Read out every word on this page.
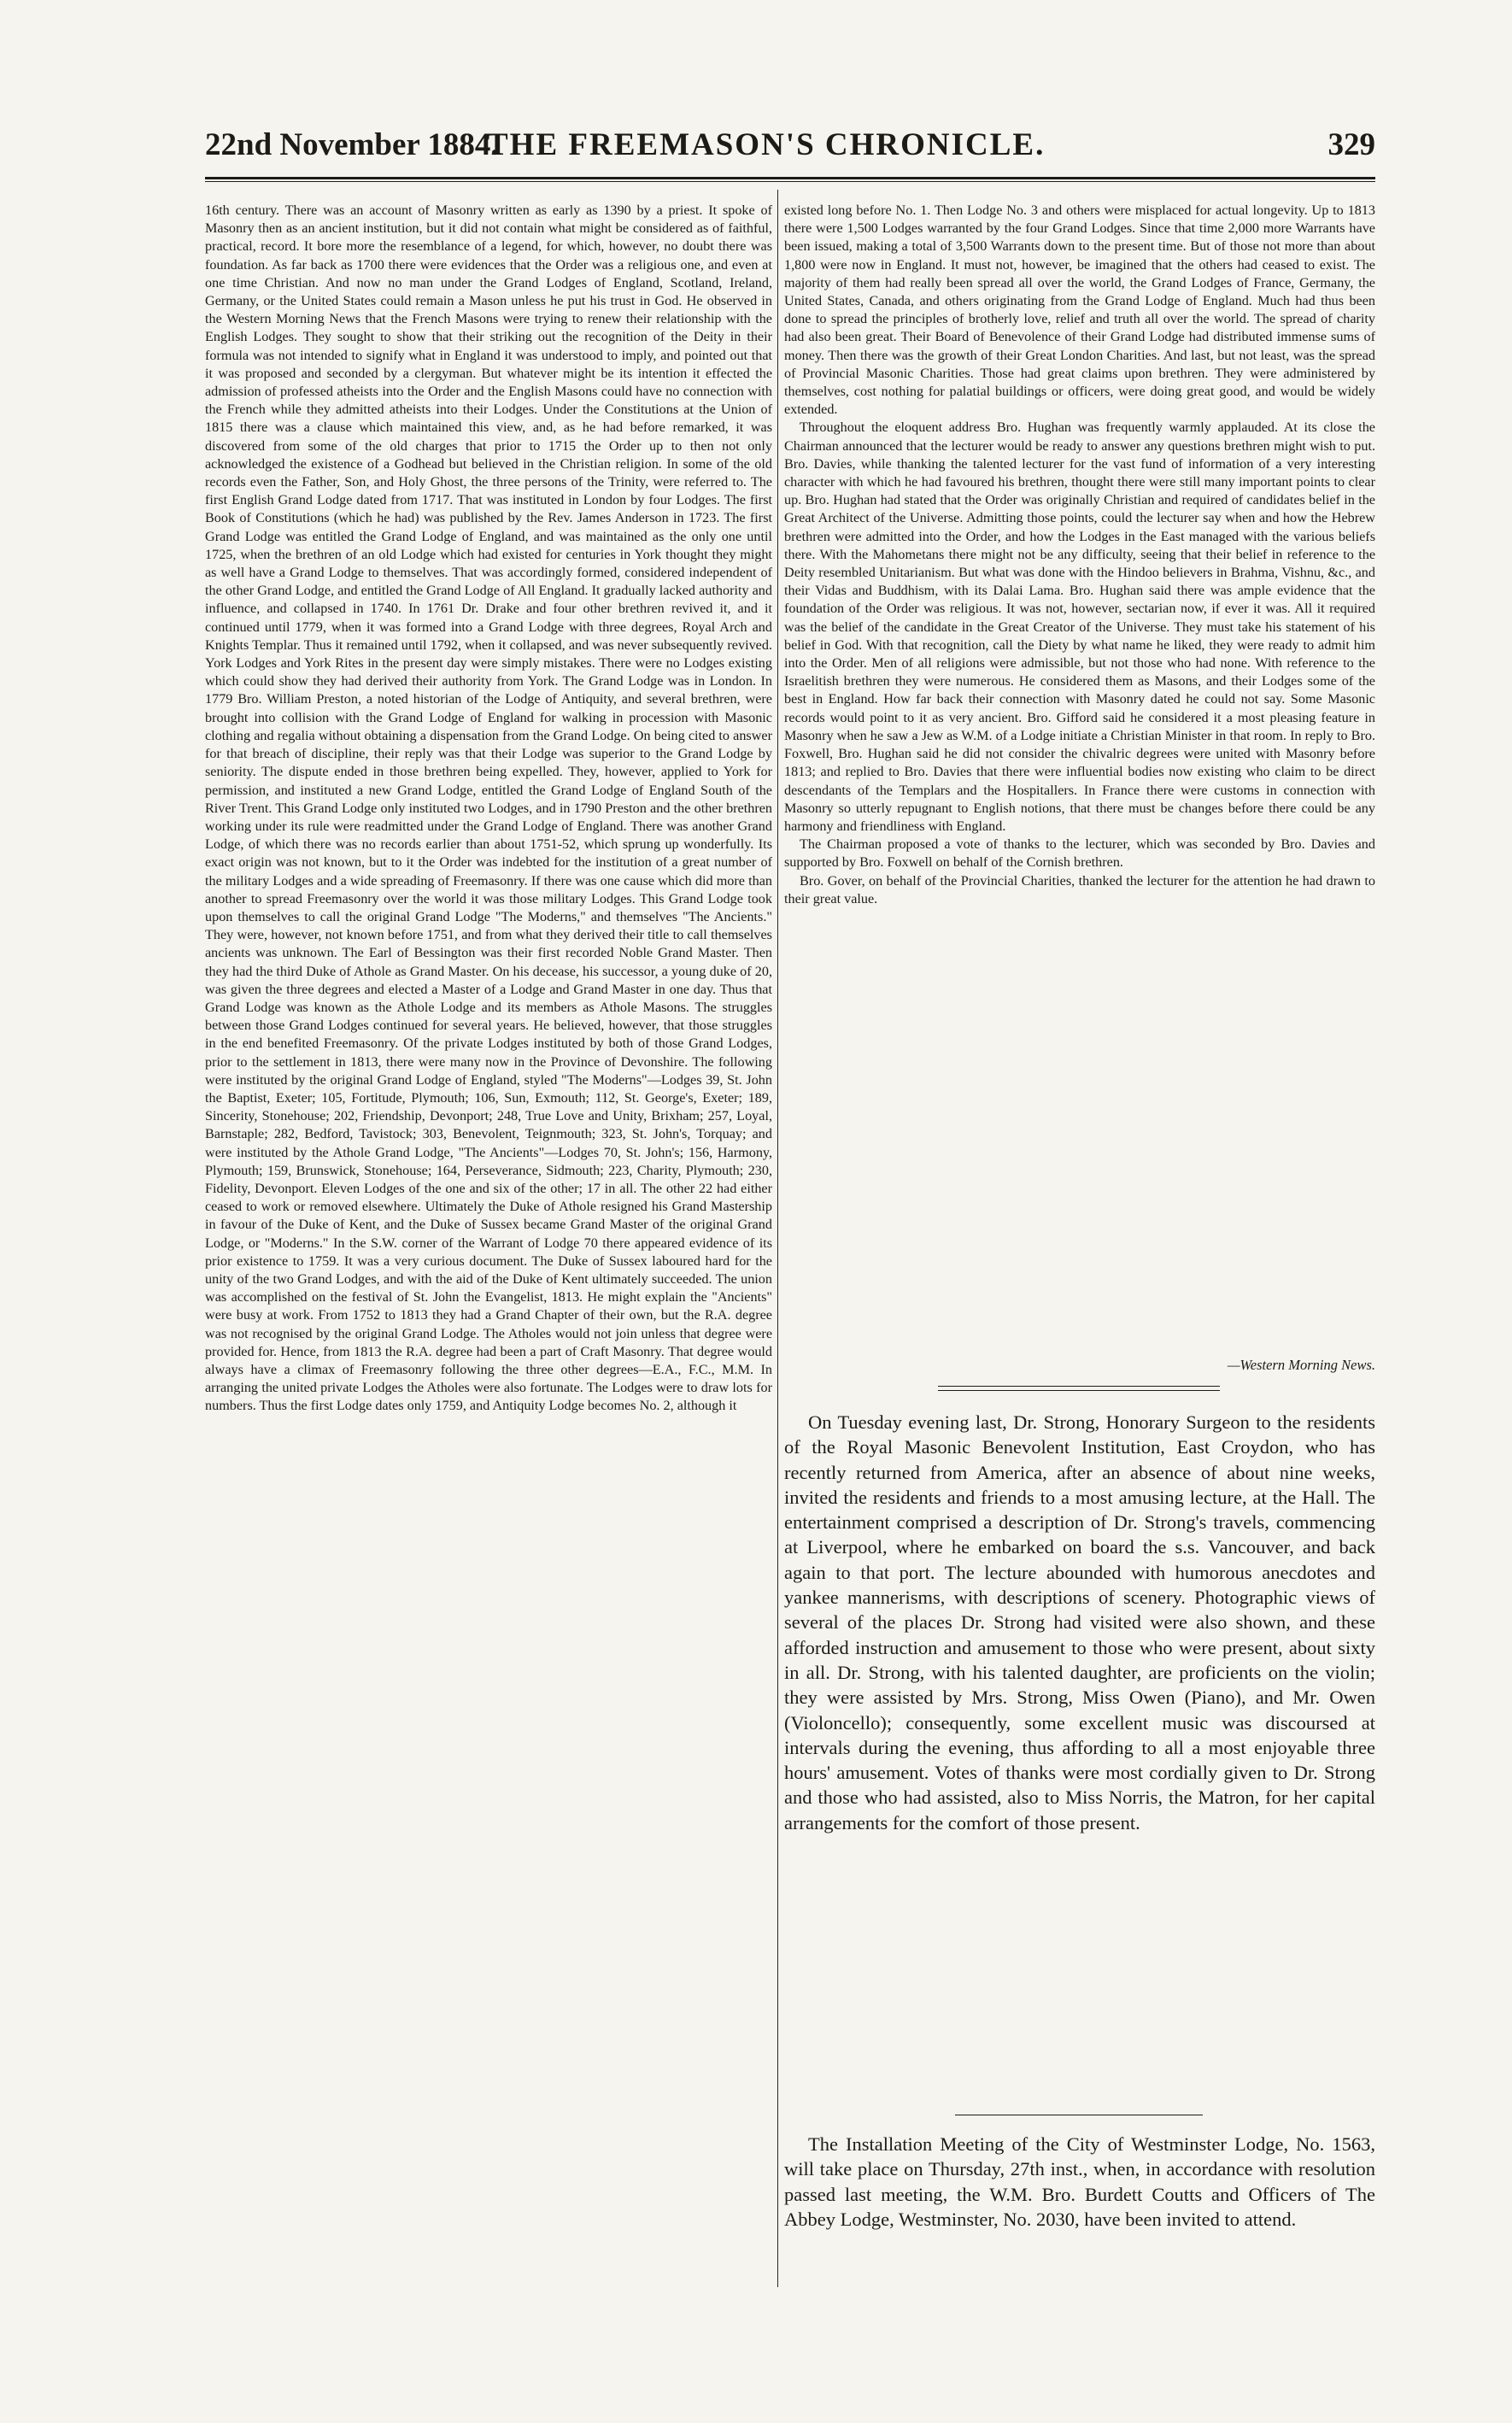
22nd November 1884.
THE FREEMASON'S CHRONICLE.	329

16th century. There was an account of Masonry written as early as 1390 by a priest. It spoke of Masonry then as an ancient institution, but it did not contain what might be considered as of faithful, practical, record. It bore more the resemblance of a legend, for which, however, no doubt there was foundation. As far back as 1700 there were evidences that the Order was a religious one, and even at one time Christian. And now no man under the Grand Lodges of England, Scotland, Ireland, Germany, or the United States could remain a Mason unless he put his trust in God. He observed in the Western Morning News that the French Masons were trying to renew their relationship with the English Lodges. They sought to show that their striking out the recognition of the Deity in their formula was not intended to signify what in England it was understood to imply, and pointed out that it was proposed and seconded by a clergyman. But whatever might be its intention it effected the admission of professed atheists into the Order and the English Masons could have no connection with the French while they admitted atheists into their Lodges. Under the Constitutions at the Union of 1815 there was a clause which maintained this view, and, as he had before remarked, it was discovered from some of the old charges that prior to 1715 the Order up to then not only acknowledged the existence of a Godhead but believed in the Christian religion. In some of the old records even the Father, Son, and Holy Ghost, the three persons of the Trinity, were referred to. The first English Grand Lodge dated from 1717. That was instituted in London by four Lodges. The first Book of Constitutions (which he had) was published by the Rev. James Anderson in 1723. The first Grand Lodge was entitled the Grand Lodge of England, and was maintained as the only one until 1725, when the brethren of an old Lodge which had existed for centuries in York thought they might as well have a Grand Lodge to themselves. That was accordingly formed, considered independent of the other Grand Lodge, and entitled the Grand Lodge of All England. It gradually lacked authority and influence, and collapsed in 1740. In 1761 Dr. Drake and four other brethren revived it, and it continued until 1779, when it was formed into a Grand Lodge with three degrees, Royal Arch and Knights Templar. Thus it remained until 1792, when it collapsed, and was never subsequently revived. York Lodges and York Rites in the present day were simply mistakes. There were no Lodges existing which could show they had derived their authority from York. The Grand Lodge was in London. In 1779 Bro. William Preston, a noted historian of the Lodge of Antiquity, and several brethren, were brought into collision with the Grand Lodge of England for walking in procession with Masonic clothing and regalia without obtaining a dispensation from the Grand Lodge. On being cited to answer for that breach of discipline, their reply was that their Lodge was superior to the Grand Lodge by seniority. The dispute ended in those brethren being expelled. They, however, applied to York for permission, and instituted a new Grand Lodge, entitled the Grand Lodge of England South of the River Trent. This Grand Lodge only instituted two Lodges, and in 1790 Preston and the other brethren working under its rule were readmitted under the Grand Lodge of England. There was another Grand Lodge, of which there was no records earlier than about 1751-52, which sprung up wonderfully. Its exact origin was not known, but to it the Order was indebted for the institution of a great number of the military Lodges and a wide spreading of Freemasonry. If there was one cause which did more than another to spread Freemasonry over the world it was those military Lodges. This Grand Lodge took upon themselves to call the original Grand Lodge "The Moderns," and themselves "The Ancients." They were, however, not known before 1751, and from what they derived their title to call themselves ancients was unknown. The Earl of Bessington was their first recorded Noble Grand Master. Then they had the third Duke of Athole as Grand Master. On his decease, his successor, a young duke of 20, was given the three degrees and elected a Master of a Lodge and Grand Master in one day. Thus that Grand Lodge was known as the Athole Lodge and its members as Athole Masons. The struggles between those Grand Lodges continued for several years. He believed, however, that those struggles in the end benefited Freemasonry. Of the private Lodges instituted by both of those Grand Lodges, prior to the settlement in 1813, there were many now in the Province of Devonshire. The following were instituted by the original Grand Lodge of England, styled "The Moderns"—Lodges 39, St. John the Baptist, Exeter; 105, Fortitude, Plymouth; 106, Sun, Exmouth; 112, St. George's, Exeter; 189, Sincerity, Stonehouse; 202, Friendship, Devonport; 248, True Love and Unity, Brixham; 257, Loyal, Barnstaple; 282, Bedford, Tavistock; 303, Benevolent, Teignmouth; 323, St. John's, Torquay; and were instituted by the Athole Grand Lodge, "The Ancients"—Lodges 70, St. John's; 156, Harmony, Plymouth; 159, Brunswick, Stonehouse; 164, Perseverance, Sidmouth; 223, Charity, Plymouth; 230, Fidelity, Devonport. Eleven Lodges of the one and six of the other; 17 in all. The other 22 had either ceased to work or removed elsewhere. Ultimately the Duke of Athole resigned his Grand Mastership in favour of the Duke of Kent, and the Duke of Sussex became Grand Master of the original Grand Lodge, or "Moderns." In the S.W. corner of the Warrant of Lodge 70 there appeared evidence of its prior existence to 1759. It was a very curious document. The Duke of Sussex laboured hard for the unity of the two Grand Lodges, and with the aid of the Duke of Kent ultimately succeeded. The union was accomplished on the festival of St. John the Evangelist, 1813. He might explain the "Ancients" were busy at work. From 1752 to 1813 they had a Grand Chapter of their own, but the R.A. degree was not recognised by the original Grand Lodge. The Atholes would not join unless that degree were provided for. Hence, from 1813 the R.A. degree had been a part of Craft Masonry. That degree would always have a climax of Freemasonry following the three other degrees—E.A., F.C., M.M. In arranging the united private Lodges the Atholes were also fortunate. The Lodges were to draw lots for numbers. Thus the first Lodge dates only 1759, and Antiquity Lodge becomes No. 2, although it

existed long before No. 1. Then Lodge No. 3 and others were misplaced for actual longevity. Up to 1813 there were 1,500 Lodges warranted by the four Grand Lodges. Since that time 2,000 more Warrants have been issued, making a total of 3,500 Warrants down to the present time. But of those not more than about 1,800 were now in England. It must not, however, be imagined that the others had ceased to exist. The majority of them had really been spread all over the world, the Grand Lodges of France, Germany, the United States, Canada, and others originating from the Grand Lodge of England. Much had thus been done to spread the principles of brotherly love, relief and truth all over the world. The spread of charity had also been great. Their Board of Benevolence of their Grand Lodge had distributed immense sums of money. Then there was the growth of their Great London Charities. And last, but not least, was the spread of Provincial Masonic Charities. Those had great claims upon brethren. They were administered by themselves, cost nothing for palatial buildings or officers, were doing great good, and would be widely extended.

Throughout the eloquent address Bro. Hughan was frequently warmly applauded. At its close the Chairman announced that the lecturer would be ready to answer any questions brethren might wish to put. Bro. Davies, while thanking the talented lecturer for the vast fund of information of a very interesting character with which he had favoured his brethren, thought there were still many important points to clear up. Bro. Hughan had stated that the Order was originally Christian and required of candidates belief in the Great Architect of the Universe. Admitting those points, could the lecturer say when and how the Hebrew brethren were admitted into the Order, and how the Lodges in the East managed with the various beliefs there. With the Mahometans there might not be any difficulty, seeing that their belief in reference to the Deity resembled Unitarianism. But what was done with the Hindoo believers in Brahma, Vishnu, &c., and their Vidas and Buddhism, with its Dalai Lama. Bro. Hughan said there was ample evidence that the foundation of the Order was religious. It was not, however, sectarian now, if ever it was. All it required was the belief of the candidate in the Great Creator of the Universe. They must take his statement of his belief in God. With that recognition, call the Diety by what name he liked, they were ready to admit him into the Order. Men of all religions were admissible, but not those who had none. With reference to the Israelitish brethren they were numerous. He considered them as Masons, and their Lodges some of the best in England. How far back their connection with Masonry dated he could not say. Some Masonic records would point to it as very ancient. Bro. Gifford said he considered it a most pleasing feature in Masonry when he saw a Jew as W.M. of a Lodge initiate a Christian Minister in that room. In reply to Bro. Foxwell, Bro. Hughan said he did not consider the chivalric degrees were united with Masonry before 1813; and replied to Bro. Davies that there were influential bodies now existing who claim to be direct descendants of the Templars and the Hospitallers. In France there were customs in connection with Masonry so utterly repugnant to English notions, that there must be changes before there could be any harmony and friendliness with England.

The Chairman proposed a vote of thanks to the lecturer, which was seconded by Bro. Davies and supported by Bro. Foxwell on behalf of the Cornish brethren.

Bro. Gover, on behalf of the Provincial Charities, thanked the lecturer for the attention he had drawn to their great value.

—Western Morning News.

On Tuesday evening last, Dr. Strong, Honorary Surgeon to the residents of the Royal Masonic Benevolent Institution, East Croydon, who has recently returned from America, after an absence of about nine weeks, invited the residents and friends to a most amusing lecture, at the Hall. The entertainment comprised a description of Dr. Strong's travels, commencing at Liverpool, where he embarked on board the s.s. Vancouver, and back again to that port. The lecture abounded with humorous anecdotes and yankee mannerisms, with descriptions of scenery. Photographic views of several of the places Dr. Strong had visited were also shown, and these afforded instruction and amusement to those who were present, about sixty in all. Dr. Strong, with his talented daughter, are proficients on the violin; they were assisted by Mrs. Strong, Miss Owen (Piano), and Mr. Owen (Violoncello); consequently, some excellent music was discoursed at intervals during the evening, thus affording to all a most enjoyable three hours' amusement. Votes of thanks were most cordially given to Dr. Strong and those who had assisted, also to Miss Norris, the Matron, for her capital arrangements for the comfort of those present.

The Installation Meeting of the City of Westminster Lodge, No. 1563, will take place on Thursday, 27th inst., when, in accordance with resolution passed last meeting, the W.M. Bro. Burdett Coutts and Officers of The Abbey Lodge, Westminster, No. 2030, have been invited to attend.
